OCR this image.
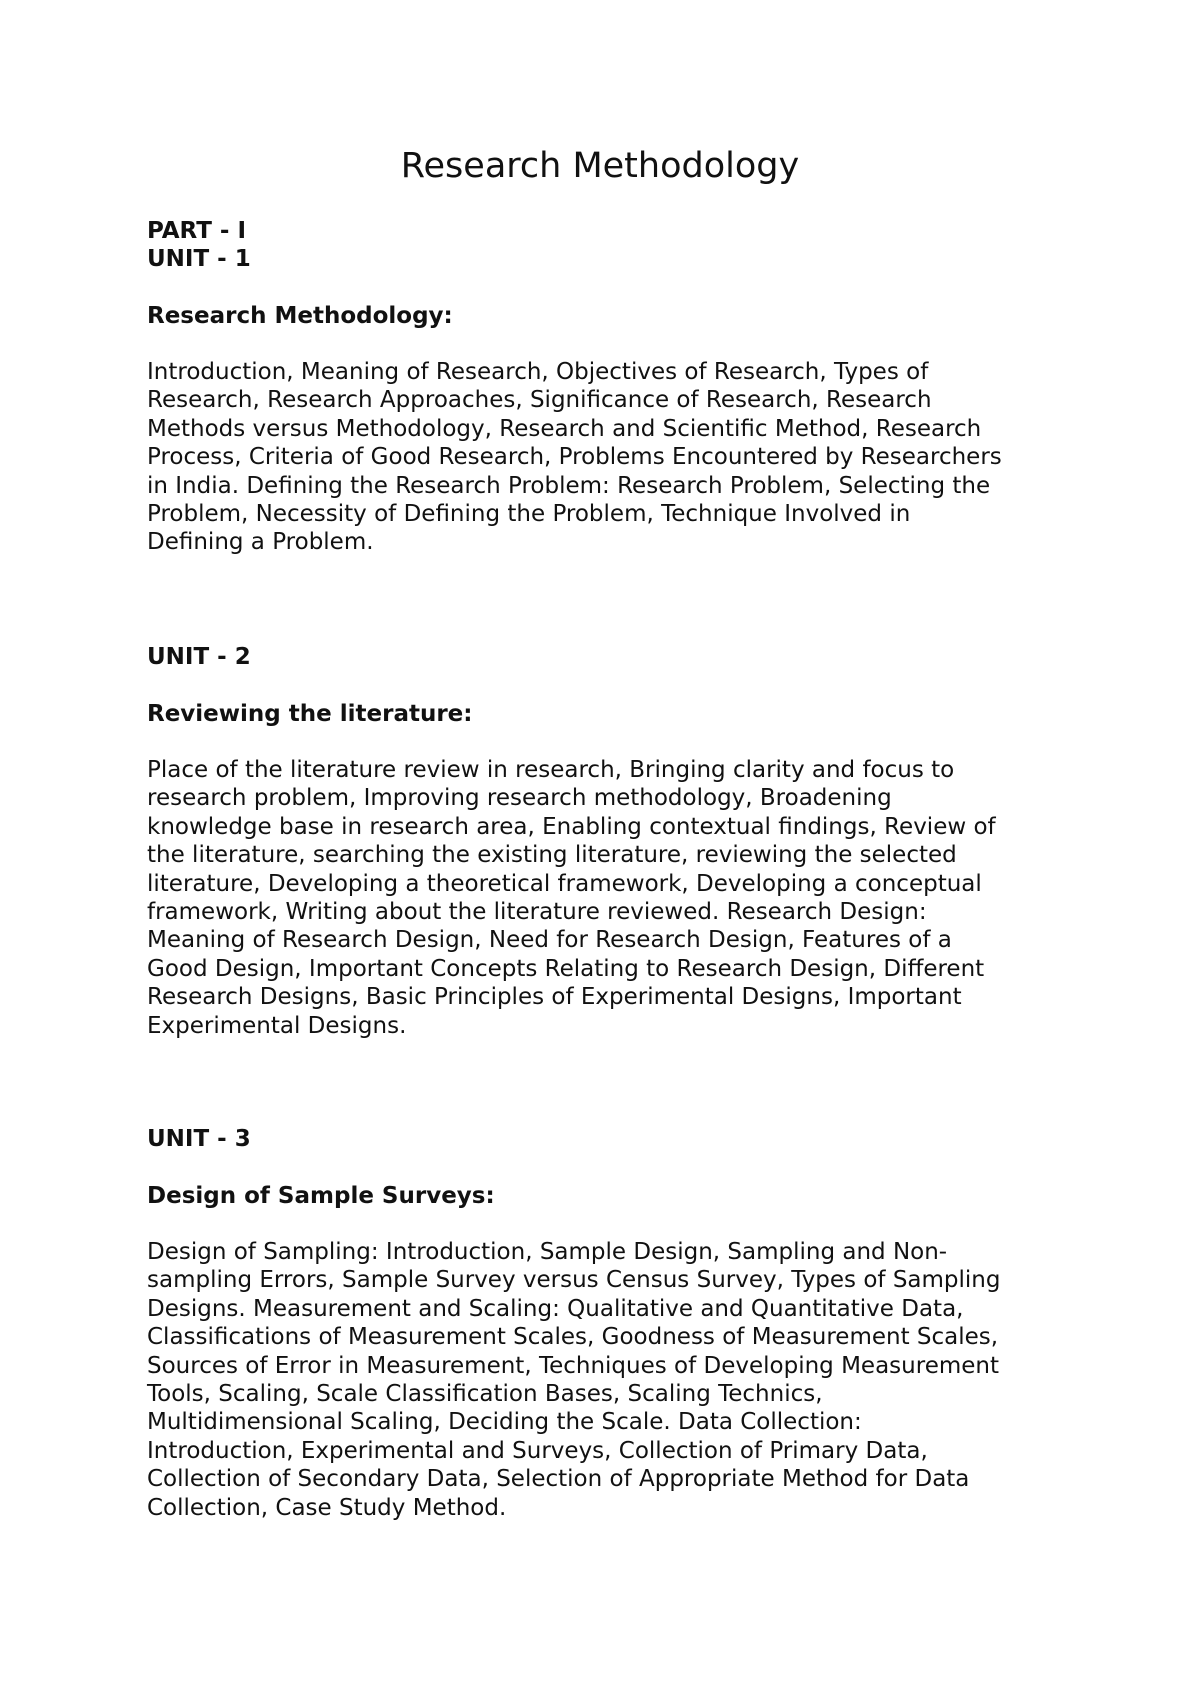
Research Methodology

PART - I

UNIT - 1

Research Methodology:

Introduction, Meaning of Research, Objectives of Research, Types of
Research, Research Approaches, Significance of Research, Research
Methods versus Methodology, Research and Scientific Method, Research
Process, Criteria of Good Research, Problems Encountered by Researchers
in India. Defining the Research Problem: Research Problem, Selecting the
Problem, Necessity of Defining the Problem, Technique Involved in
Defining a Problem.

UNIT - 2

Reviewing the literature:

Place of the literature review in research, Bringing clarity and focus to
research problem, Improving research methodology, Broadening
knowledge base in research area, Enabling contextual findings, Review of
the literature, searching the existing literature, reviewing the selected
literature, Developing a theoretical framework, Developing a conceptual
framework, Writing about the literature reviewed. Research Design:
Meaning of Research Design, Need for Research Design, Features of a
Good Design, Important Concepts Relating to Research Design, Different
Research Designs, Basic Principles of Experimental Designs, Important
Experimental Designs.

UNIT - 3

Design of Sample Surveys:

Design of Sampling: Introduction, Sample Design, Sampling and Non-
sampling Errors, Sample Survey versus Census Survey, Types of Sampling
Designs. Measurement and Scaling: Qualitative and Quantitative Data,
Classifications of Measurement Scales, Goodness of Measurement Scales,
Sources of Error in Measurement, Techniques of Developing Measurement
Tools, Scaling, Scale Classification Bases, Scaling Technics,
Multidimensional Scaling, Deciding the Scale. Data Collection:
Introduction, Experimental and Surveys, Collection of Primary Data,
Collection of Secondary Data, Selection of Appropriate Method for Data
Collection, Case Study Method.
